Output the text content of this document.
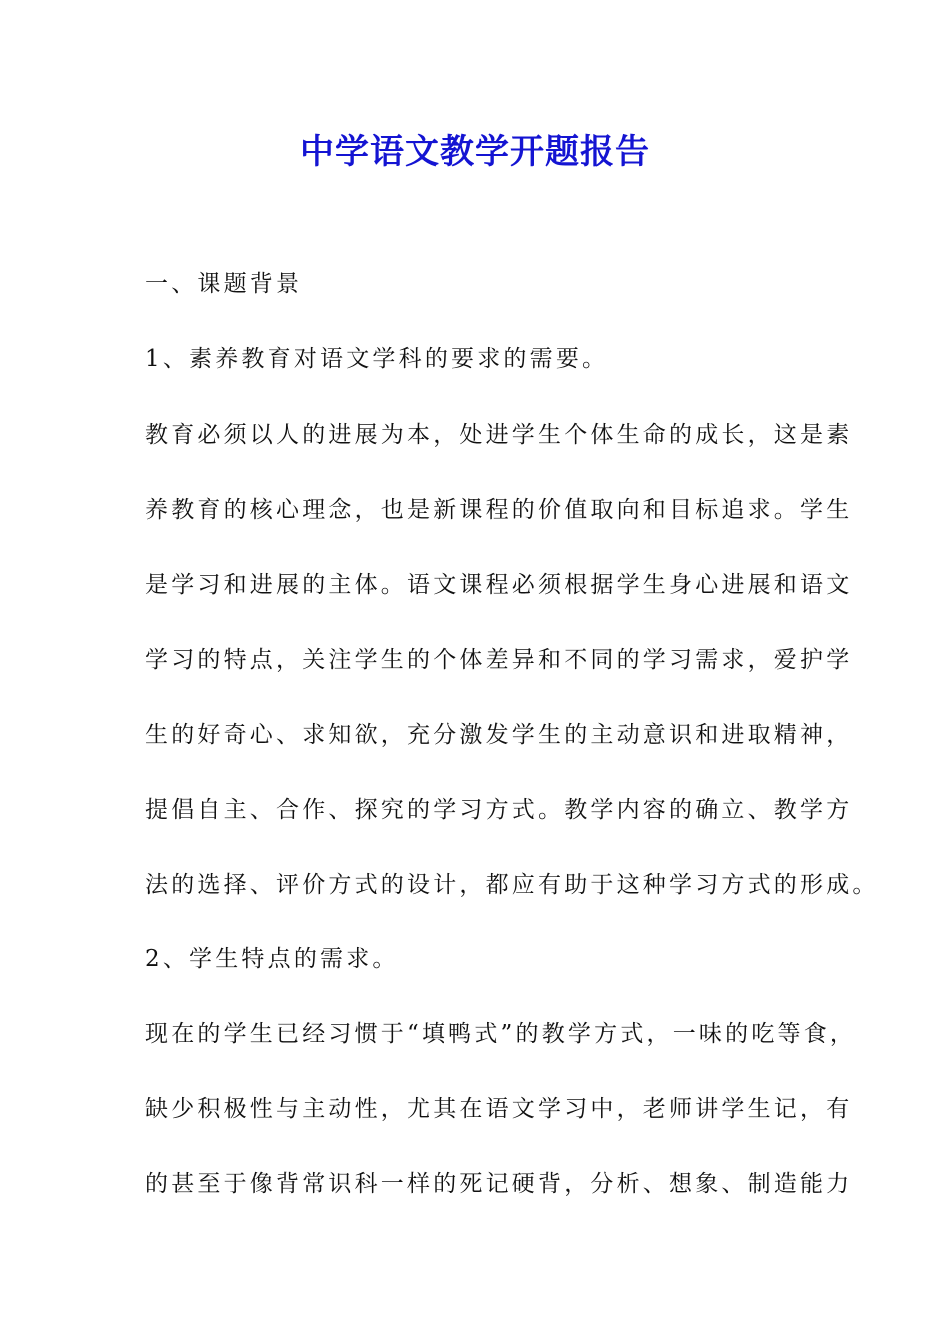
中学语文教学开题报告

一、课题背景

1、素养教育对语文学科的要求的需要。

教育必须以人的进展为本，处进学生个体生命的成长，这是素

养教育的核心理念，也是新课程的价值取向和目标追求。学生

是学习和进展的主体。语文课程必须根据学生身心进展和语文

学习的特点，关注学生的个体差异和不同的学习需求，爱护学

生的好奇心、求知欲，充分激发学生的主动意识和进取精神，

提倡自主、合作、探究的学习方式。教学内容的确立、教学方

法的选择、评价方式的设计，都应有助于这种学习方式的形成。

2、学生特点的需求。

现在的学生已经习惯于“填鸭式”的教学方式，一味的吃等食，

缺少积极性与主动性，尤其在语文学习中，老师讲学生记，有

的甚至于像背常识科一样的死记硬背，分析、想象、制造能力
